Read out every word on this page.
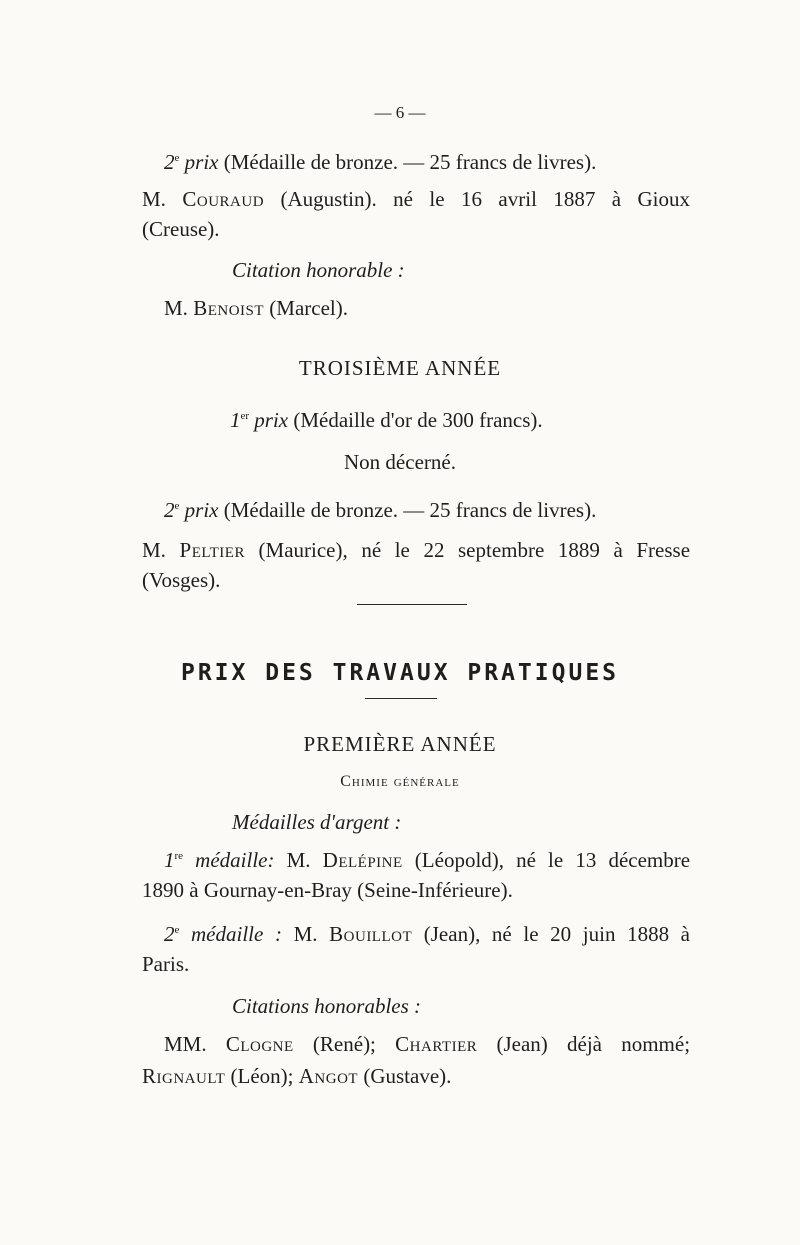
— 6 —
2e prix (Médaille de bronze. — 25 francs de livres).
M. Couraud (Augustin). né le 16 avril 1887 à Gioux
(Creuse).
Citation honorable :
M. Benoist (Marcel).
TROISIÈME ANNÉE
1er prix (Médaille d'or de 300 francs).
Non décerné.
2e prix (Médaille de bronze. — 25 francs de livres).
M. Peltier (Maurice), né le 22 septembre 1889 à Fresse
(Vosges).
PRIX DES TRAVAUX PRATIQUES
PREMIÈRE ANNÉE
Chimie générale
Médailles d'argent :
1re médaille: M. Delépine (Léopold), né le 13 décembre
1890 à Gournay-en-Bray (Seine-Inférieure).
2e médaille : M. Bouillot (Jean), né le 20 juin 1888 à
Paris.
Citations honorables :
MM. Clogne (René); Chartier (Jean) déjà nommé;
Rignault (Léon); Angot (Gustave).
